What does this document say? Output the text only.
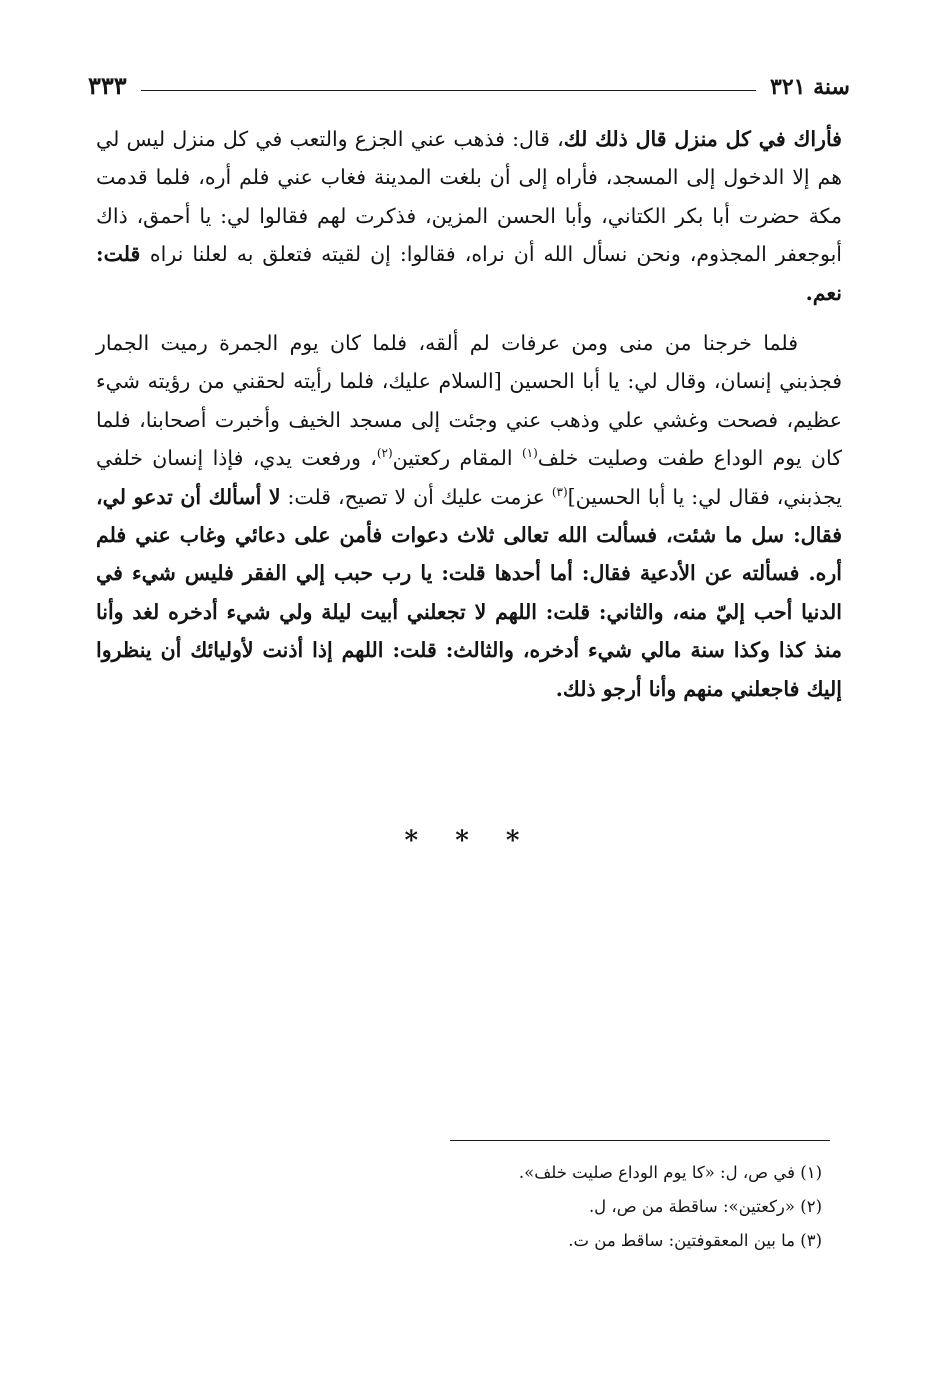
سنة ٣٢١
٣٣٣

فأراك في كل منزل قال ذلك لك، قال: فذهب عني الجزع والتعب في كل منزل ليس لي هم إلا الدخول إلى المسجد، فأراه إلى أن بلغت المدينة فغاب عني فلم أره، فلما قدمت مكة حضرت أبا بكر الكتاني، وأبا الحسن المزين، فذكرت لهم فقالوا لي: يا أحمق، ذاك أبوجعفر المجذوم، ونحن نسأل الله أن نراه، فقالوا: إن لقيته فتعلق به لعلنا نراه قلت: نعم.

فلما خرجنا من منى ومن عرفات لم ألقه، فلما كان يوم الجمرة رميت الجمار فجذبني إنسان، وقال لي: يا أبا الحسين [السلام عليك، فلما رأيته لحقني من رؤيته شيء عظيم، فصحت وغشي علي وذهب عني وجئت إلى مسجد الخيف وأخبرت أصحابنا، فلما كان يوم الوداع طفت وصليت خلف$^{(١)}$ المقام ركعتين$^{(٢)}$، ورفعت يدي، فإذا إنسان خلفي يجذبني، فقال لي: يا أبا الحسين]$^{(٣)}$ عزمت عليك أن لا تصيح، قلت: لا أسألك أن تدعو لي، فقال: سل ما شئت، فسألت الله تعالى ثلاث دعوات فأمن على دعائي وغاب عني فلم أره. فسألته عن الأدعية فقال: أما أحدها قلت: يا رب حبب إلي الفقر فليس شيء في الدنيا أحب إليّ منه، والثاني: قلت: اللهم لا تجعلني أبيت ليلة ولي شيء أدخره لغد وأنا منذ كذا وكذا سنة مالي شيء أدخره، والثالث: قلت: اللهم إذا أذنت لأوليائك أن ينظروا إليك فاجعلني منهم وأنا أرجو ذلك.

* * *
(١) في ص، ل: «كا يوم الوداع صليت خلف».
(٢) «ركعتين»: ساقطة من ص، ل.
(٣) ما بين المعقوفتين: ساقط من ت.
